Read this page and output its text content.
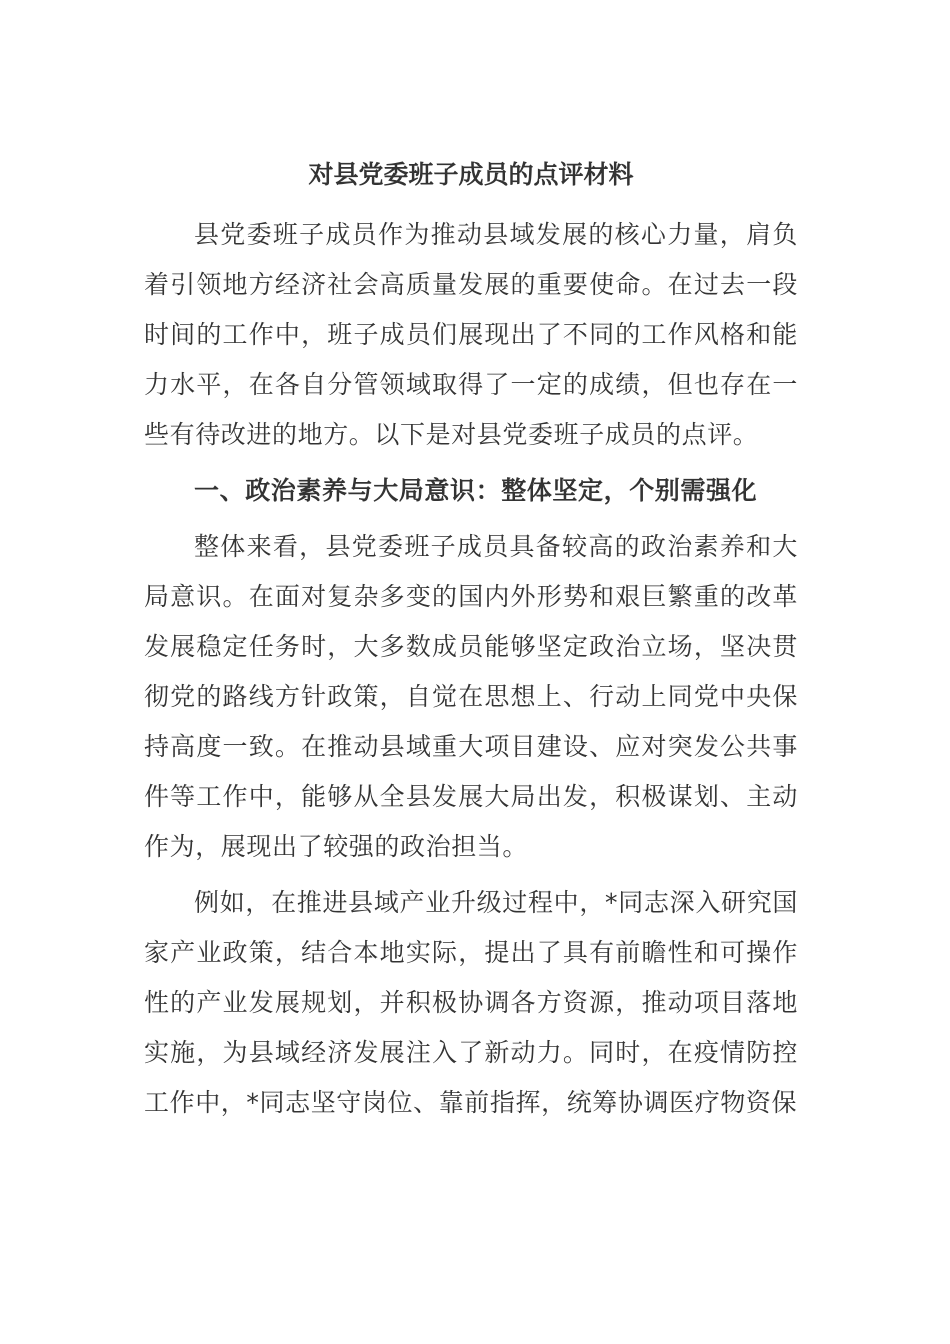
对县党委班子成员的点评材料

县党委班子成员作为推动县域发展的核心力量，肩负着引领地方经济社会高质量发展的重要使命。在过去一段时间的工作中，班子成员们展现出了不同的工作风格和能力水平，在各自分管领域取得了一定的成绩，但也存在一些有待改进的地方。以下是对县党委班子成员的点评。

一、政治素养与大局意识：整体坚定，个别需强化

整体来看，县党委班子成员具备较高的政治素养和大局意识。在面对复杂多变的国内外形势和艰巨繁重的改革发展稳定任务时，大多数成员能够坚定政治立场，坚决贯彻党的路线方针政策，自觉在思想上、行动上同党中央保持高度一致。在推动县域重大项目建设、应对突发公共事件等工作中，能够从全县发展大局出发，积极谋划、主动作为，展现出了较强的政治担当。

例如，在推进县域产业升级过程中，*同志深入研究国家产业政策，结合本地实际，提出了具有前瞻性和可操作性的产业发展规划，并积极协调各方资源，推动项目落地实施，为县域经济发展注入了新动力。同时，在疫情防控工作中，*同志坚守岗位、靠前指挥，统筹协调医疗物资保
